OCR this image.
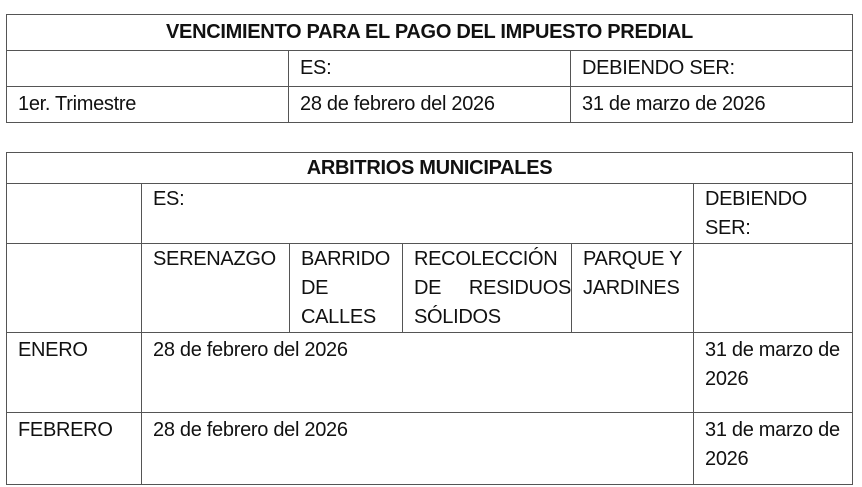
VENCIMIENTO PARA EL PAGO DEL IMPUESTO PREDIAL		
	ES:	DEBIENDO SER:
1er. Trimestre	28 de febrero del 2026	31 de marzo de 2026
ARBITRIOS MUNICIPALES					
	ES:				DEBIENDO SER:
	SERENAZGO	BARRIDO DE CALLES	RECOLECCIÓN DE RESIDUOS SÓLIDOS	PARQUE Y JARDINES	
ENERO	28 de febrero del 2026				31 de marzo de 2026
FEBRERO	28 de febrero del 2026				31 de marzo de 2026
